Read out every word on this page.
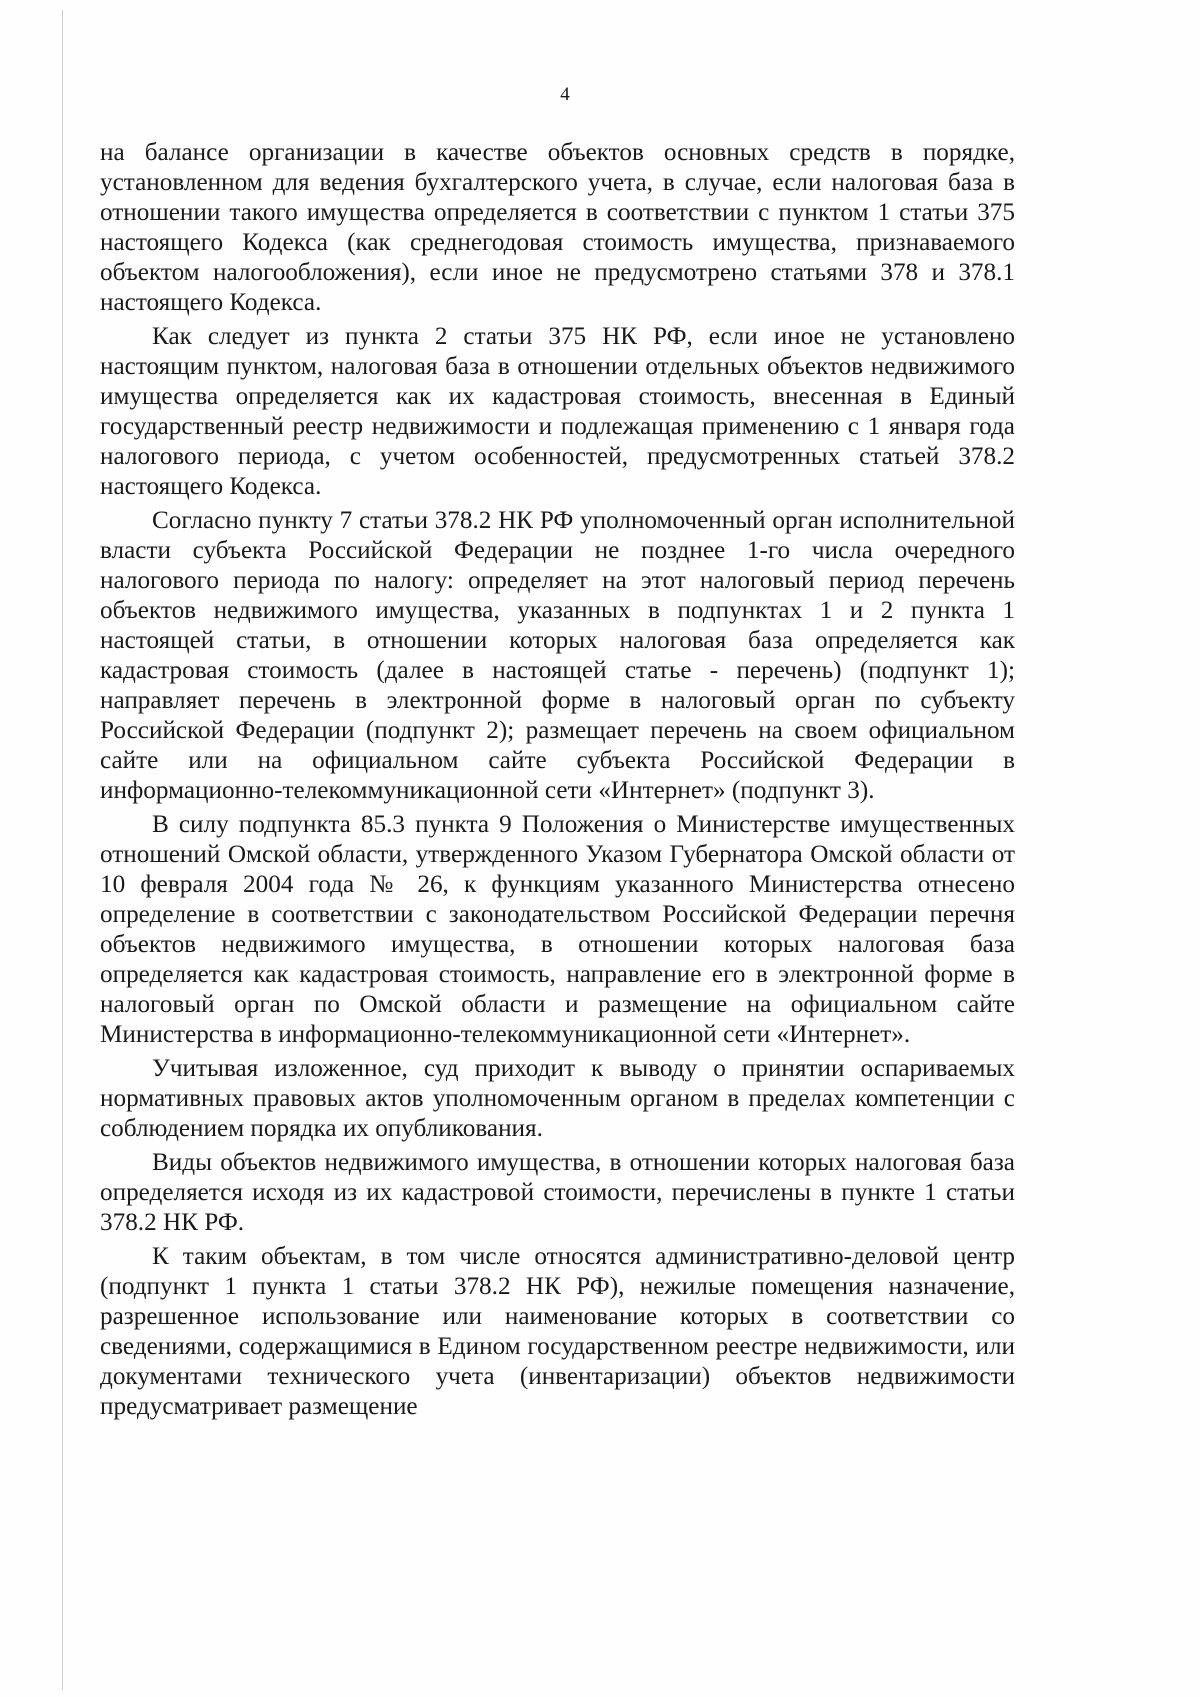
4

на балансе организации в качестве объектов основных средств в порядке, установленном для ведения бухгалтерского учета, в случае, если налоговая база в отношении такого имущества определяется в соответствии с пунктом 1 статьи 375 настоящего Кодекса (как среднегодовая стоимость имущества, признаваемого объектом налогообложения), если иное не предусмотрено статьями 378 и 378.1 настоящего Кодекса.

Как следует из пункта 2 статьи 375 НК РФ, если иное не установлено настоящим пунктом, налоговая база в отношении отдельных объектов недвижимого имущества определяется как их кадастровая стоимость, внесенная в Единый государственный реестр недвижимости и подлежащая применению с 1 января года налогового периода, с учетом особенностей, предусмотренных статьей 378.2 настоящего Кодекса.

Согласно пункту 7 статьи 378.2 НК РФ уполномоченный орган исполнительной власти субъекта Российской Федерации не позднее 1-го числа очередного налогового периода по налогу: определяет на этот налоговый период перечень объектов недвижимого имущества, указанных в подпунктах 1 и 2 пункта 1 настоящей статьи, в отношении которых налоговая база определяется как кадастровая стоимость (далее в настоящей статье - перечень) (подпункт 1); направляет перечень в электронной форме в налоговый орган по субъекту Российской Федерации (подпункт 2); размещает перечень на своем официальном сайте или на официальном сайте субъекта Российской Федерации в информационно-телекоммуникационной сети «Интернет» (подпункт 3).

В силу подпункта 85.3 пункта 9 Положения о Министерстве имущественных отношений Омской области, утвержденного Указом Губернатора Омской области от 10 февраля 2004 года № 26, к функциям указанного Министерства отнесено определение в соответствии с законодательством Российской Федерации перечня объектов недвижимого имущества, в отношении которых налоговая база определяется как кадастровая стоимость, направление его в электронной форме в налоговый орган по Омской области и размещение на официальном сайте Министерства в информационно-телекоммуникационной сети «Интернет».

Учитывая изложенное, суд приходит к выводу о принятии оспариваемых нормативных правовых актов уполномоченным органом в пределах компетенции с соблюдением порядка их опубликования.

Виды объектов недвижимого имущества, в отношении которых налоговая база определяется исходя из их кадастровой стоимости, перечислены в пункте 1 статьи 378.2 НК РФ.

К таким объектам, в том числе относятся административно-деловой центр (подпункт 1 пункта 1 статьи 378.2 НК РФ), нежилые помещения назначение, разрешенное использование или наименование которых в соответствии со сведениями, содержащимися в Едином государственном реестре недвижимости, или документами технического учета (инвентаризации) объектов недвижимости предусматривает размещение
